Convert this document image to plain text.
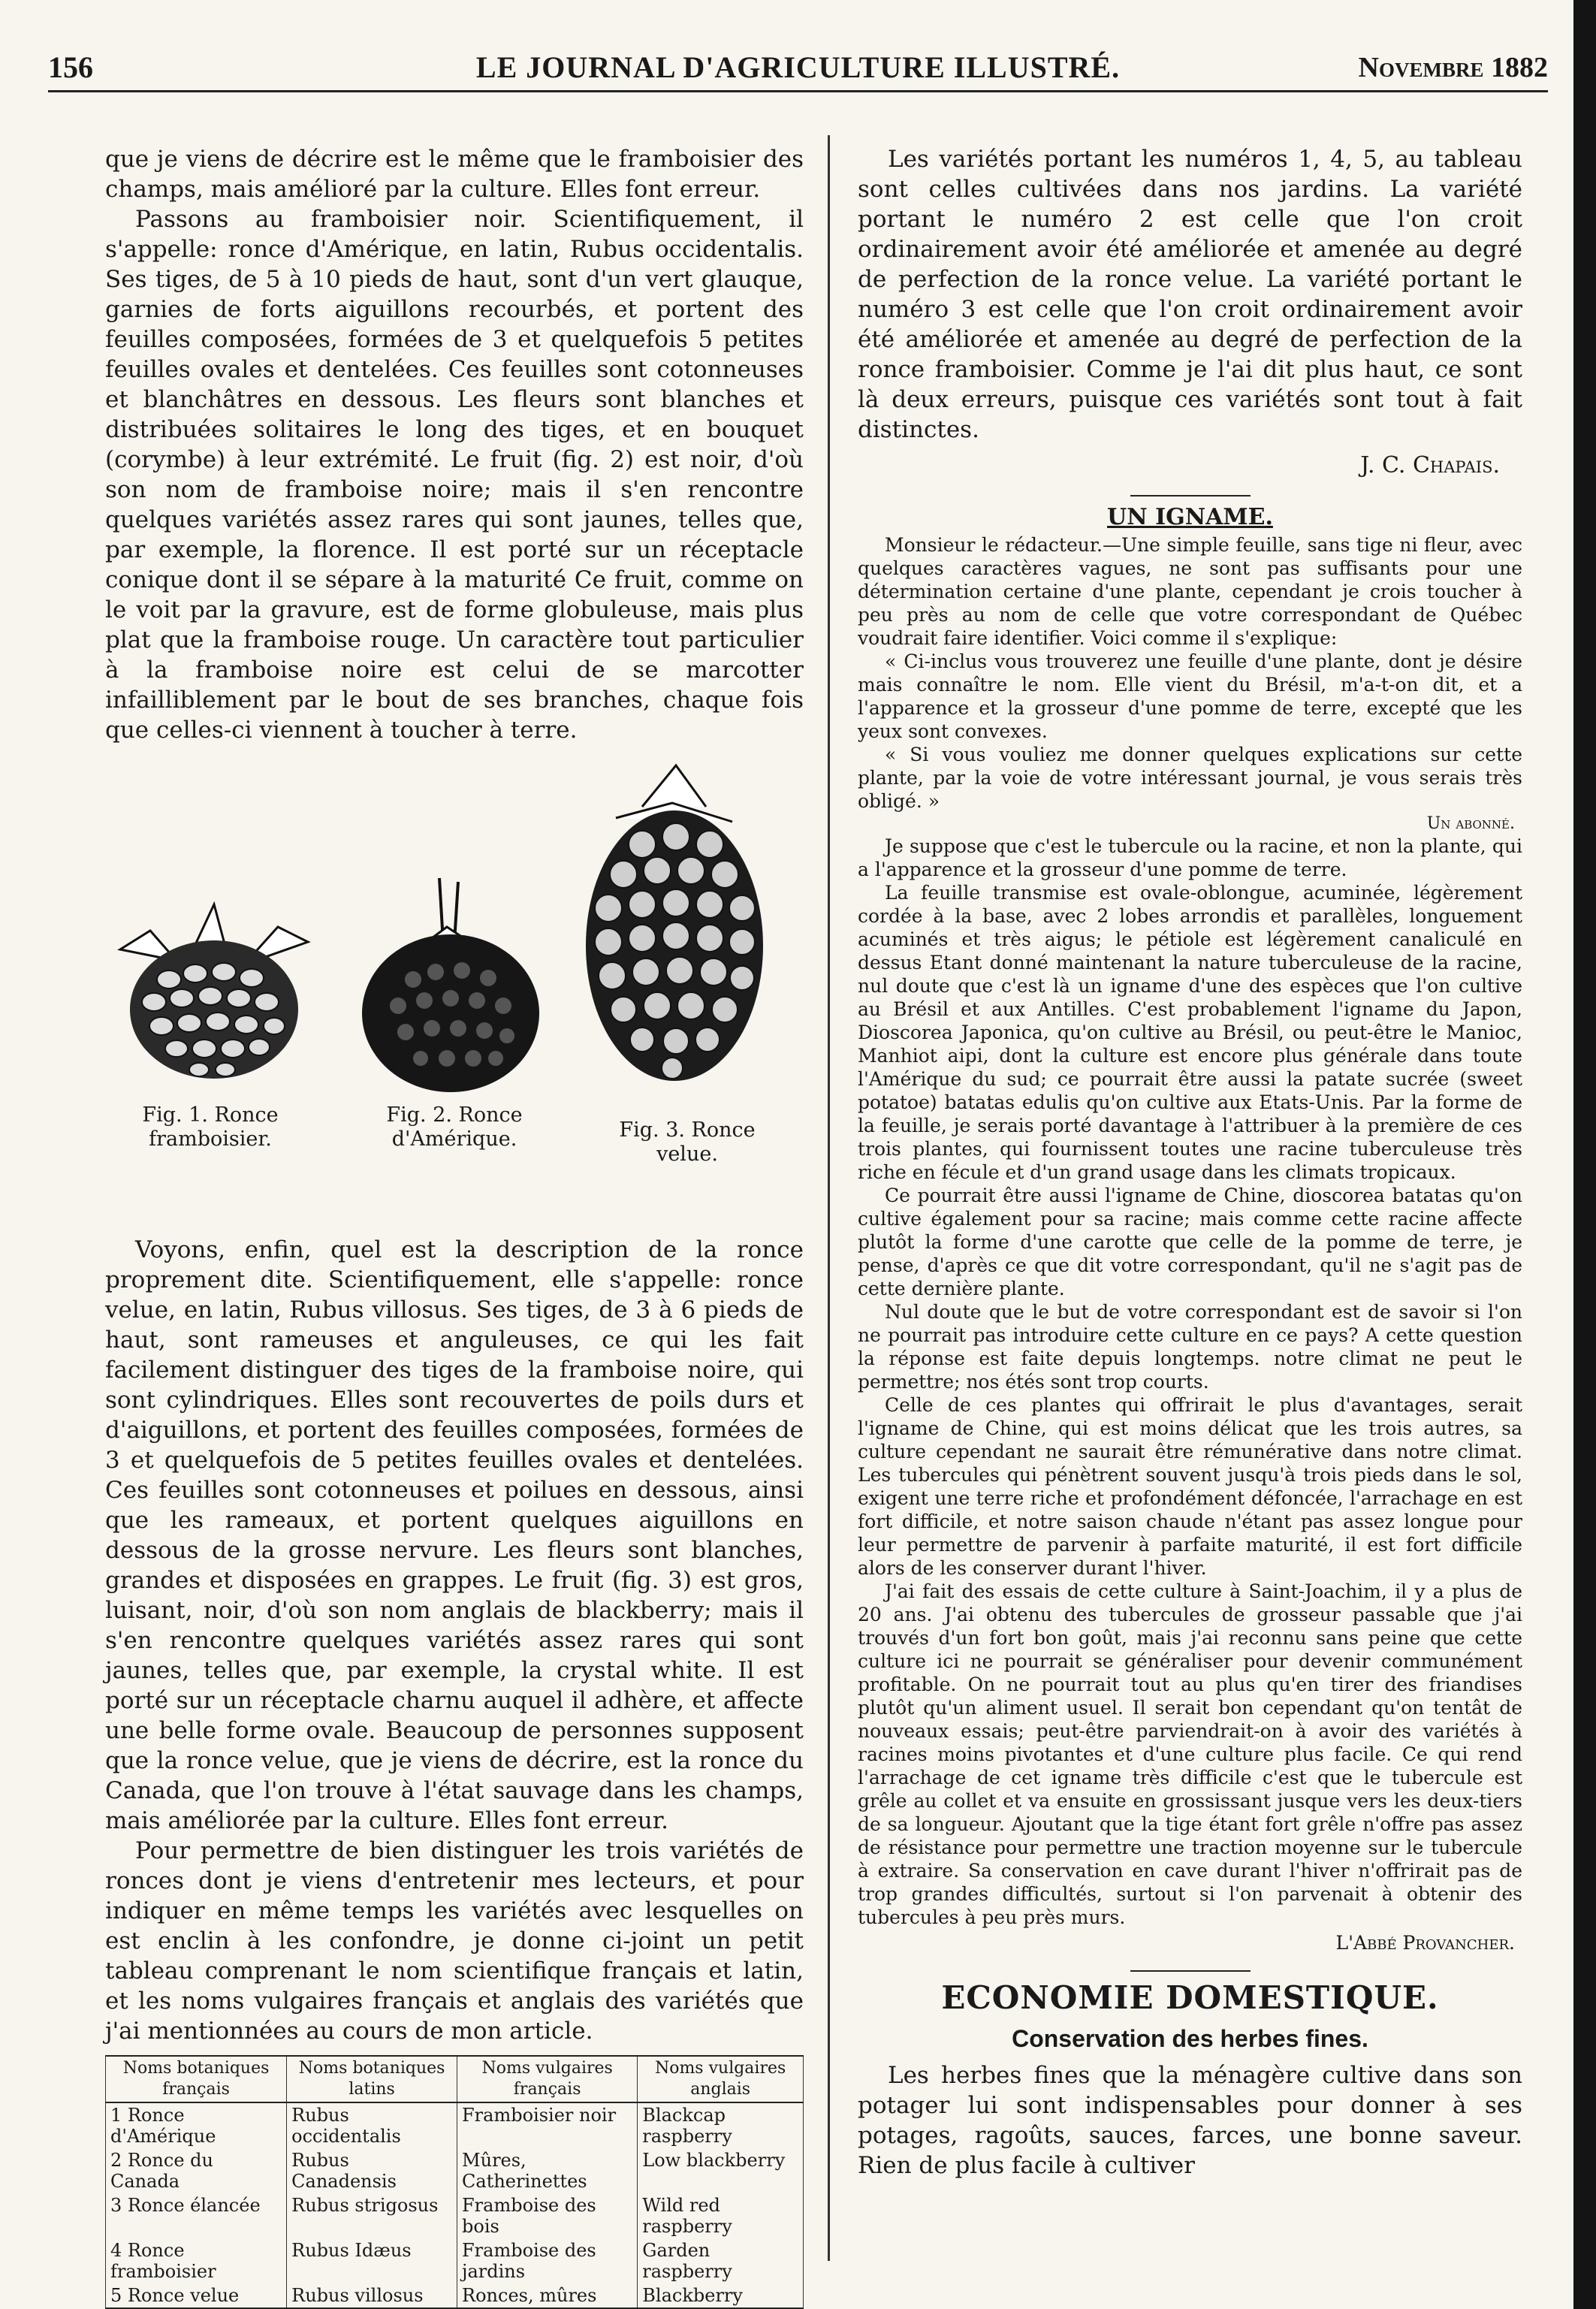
156	LE JOURNAL D'AGRICULTURE ILLUSTRÉ.	Novembre 1882

que je viens de décrire est le même que le framboisier des champs, mais amélioré par la culture. Elles font erreur.

Passons au framboisier noir. Scientifiquement, il s'appelle: ronce d'Amérique, en latin, Rubus occidentalis. Ses tiges, de 5 à 10 pieds de haut, sont d'un vert glauque, garnies de forts aiguillons recourbés, et portent des feuilles composées, formées de 3 et quelquefois 5 petites feuilles ovales et dentelées. Ces feuilles sont cotonneuses et blanchâtres en dessous. Les fleurs sont blanches et distribuées solitaires le long des tiges, et en bouquet (corymbe) à leur extrémité. Le fruit (fig. 2) est noir, d'où son nom de framboise noire; mais il s'en rencontre quelques variétés assez rares qui sont jaunes, telles que, par exemple, la florence. Il est porté sur un réceptacle conique dont il se sépare à la maturité Ce fruit, comme on le voit par la gravure, est de forme globuleuse, mais plus plat que la framboise rouge. Un caractère tout particulier à la framboise noire est celui de se marcotter infailliblement par le bout de ses branches, chaque fois que celles-ci viennent à toucher à terre.

Fig. 1. Ronce framboisier.
Fig. 2. Ronce d'Amérique.	Fig. 3. Ronce velue.

Voyons, enfin, quel est la description de la ronce proprement dite. Scientifiquement, elle s'appelle: ronce velue, en latin, Rubus villosus. Ses tiges, de 3 à 6 pieds de haut, sont rameuses et anguleuses, ce qui les fait facilement distinguer des tiges de la framboise noire, qui sont cylindriques. Elles sont recouvertes de poils durs et d'aiguillons, et portent des feuilles composées, formées de 3 et quelquefois de 5 petites feuilles ovales et dentelées. Ces feuilles sont cotonneuses et poilues en dessous, ainsi que les rameaux, et portent quelques aiguillons en dessous de la grosse nervure. Les fleurs sont blanches, grandes et disposées en grappes. Le fruit (fig. 3) est gros, luisant, noir, d'où son nom anglais de blackberry; mais il s'en rencontre quelques variétés assez rares qui sont jaunes, telles que, par exemple, la crystal white. Il est porté sur un réceptacle charnu auquel il adhère, et affecte une belle forme ovale. Beaucoup de personnes supposent que la ronce velue, que je viens de décrire, est la ronce du Canada, que l'on trouve à l'état sauvage dans les champs, mais améliorée par la culture. Elles font erreur.

Pour permettre de bien distinguer les trois variétés de ronces dont je viens d'entretenir mes lecteurs, et pour indiquer en même temps les variétés avec lesquelles on est enclin à les confondre, je donne ci-joint un petit tableau comprenant le nom scientifique français et latin, et les noms vulgaires français et anglais des variétés que j'ai mentionnées au cours de mon article.

Noms botaniques français	Noms botaniques latins	Noms vulgaires français	Noms vulgaires anglais
1 Ronce d'Amérique	Rubus occidentalis	Framboisier noir	Blackcap raspberry
2 Ronce du Canada	Rubus Canadensis	Mûres, Catherinettes	Low blackberry
3 Ronce élancée	Rubus strigosus	Framboise des bois	Wild red raspberry
4 Ronce framboisier	Rubus Idæus	Framboise des jardins	Garden raspberry
5 Ronce velue	Rubus villosus	Ronces, mûres	Blackberry

Les variétés portant les numéros 1, 4, 5, au tableau sont celles cultivées dans nos jardins. La variété portant le numéro 2 est celle que l'on croit ordinairement avoir été améliorée et amenée au degré de perfection de la ronce velue. La variété portant le numéro 3 est celle que l'on croit ordinairement avoir été améliorée et amenée au degré de perfection de la ronce framboisier. Comme je l'ai dit plus haut, ce sont là deux erreurs, puisque ces variétés sont tout à fait distinctes.

J. C. Chapais.
UN IGNAME.

Monsieur le rédacteur.—Une simple feuille, sans tige ni fleur, avec quelques caractères vagues, ne sont pas suffisants pour une détermination certaine d'une plante, cependant je crois toucher à peu près au nom de celle que votre correspondant de Québec voudrait faire identifier. Voici comme il s'explique:

« Ci-inclus vous trouverez une feuille d'une plante, dont je désire mais connaître le nom. Elle vient du Brésil, m'a-t-on dit, et a l'apparence et la grosseur d'une pomme de terre, excepté que les yeux sont convexes.

« Si vous vouliez me donner quelques explications sur cette plante, par la voie de votre intéressant journal, je vous serais très obligé. »

Un abonné.

Je suppose que c'est le tubercule ou la racine, et non la plante, qui a l'apparence et la grosseur d'une pomme de terre.

La feuille transmise est ovale-oblongue, acuminée, légèrement cordée à la base, avec 2 lobes arrondis et parallèles, longuement acuminés et très aigus; le pétiole est légèrement canaliculé en dessus Etant donné maintenant la nature tuberculeuse de la racine, nul doute que c'est là un igname d'une des espèces que l'on cultive au Brésil et aux Antilles. C'est probablement l'igname du Japon, Dioscorea Japonica, qu'on cultive au Brésil, ou peut-être le Manioc, Manhiot aipi, dont la culture est encore plus générale dans toute l'Amérique du sud; ce pourrait être aussi la patate sucrée (sweet potatoe) batatas edulis qu'on cultive aux Etats-Unis. Par la forme de la feuille, je serais porté davantage à l'attribuer à la première de ces trois plantes, qui fournissent toutes une racine tuberculeuse très riche en fécule et d'un grand usage dans les climats tropicaux.

Ce pourrait être aussi l'igname de Chine, dioscorea batatas qu'on cultive également pour sa racine; mais comme cette racine affecte plutôt la forme d'une carotte que celle de la pomme de terre, je pense, d'après ce que dit votre correspondant, qu'il ne s'agit pas de cette dernière plante.

Nul doute que le but de votre correspondant est de savoir si l'on ne pourrait pas introduire cette culture en ce pays? A cette question la réponse est faite depuis longtemps. notre climat ne peut le permettre; nos étés sont trop courts.

Celle de ces plantes qui offrirait le plus d'avantages, serait l'igname de Chine, qui est moins délicat que les trois autres, sa culture cependant ne saurait être rémunérative dans notre climat. Les tubercules qui pénètrent souvent jusqu'à trois pieds dans le sol, exigent une terre riche et profondément défoncée, l'arrachage en est fort difficile, et notre saison chaude n'étant pas assez longue pour leur permettre de parvenir à parfaite maturité, il est fort difficile alors de les conserver durant l'hiver.

J'ai fait des essais de cette culture à Saint-Joachim, il y a plus de 20 ans. J'ai obtenu des tubercules de grosseur passable que j'ai trouvés d'un fort bon goût, mais j'ai reconnu sans peine que cette culture ici ne pourrait se généraliser pour devenir communément profitable. On ne pourrait tout au plus qu'en tirer des friandises plutôt qu'un aliment usuel. Il serait bon cependant qu'on tentât de nouveaux essais; peut-être parviendrait-on à avoir des variétés à racines moins pivotantes et d'une culture plus facile. Ce qui rend l'arrachage de cet igname très difficile c'est que le tubercule est grêle au collet et va ensuite en grossissant jusque vers les deux-tiers de sa longueur. Ajoutant que la tige étant fort grêle n'offre pas assez de résistance pour permettre une traction moyenne sur le tubercule à extraire. Sa conservation en cave durant l'hiver n'offrirait pas de trop grandes difficultés, surtout si l'on parvenait à obtenir des tubercules à peu près murs.

L'Abbé Provancher.
ECONOMIE DOMESTIQUE.
Conservation des herbes fines.

Les herbes fines que la ménagère cultive dans son potager lui sont indispensables pour donner à ses potages, ragoûts, sauces, farces, une bonne saveur. Rien de plus facile à cultiver
